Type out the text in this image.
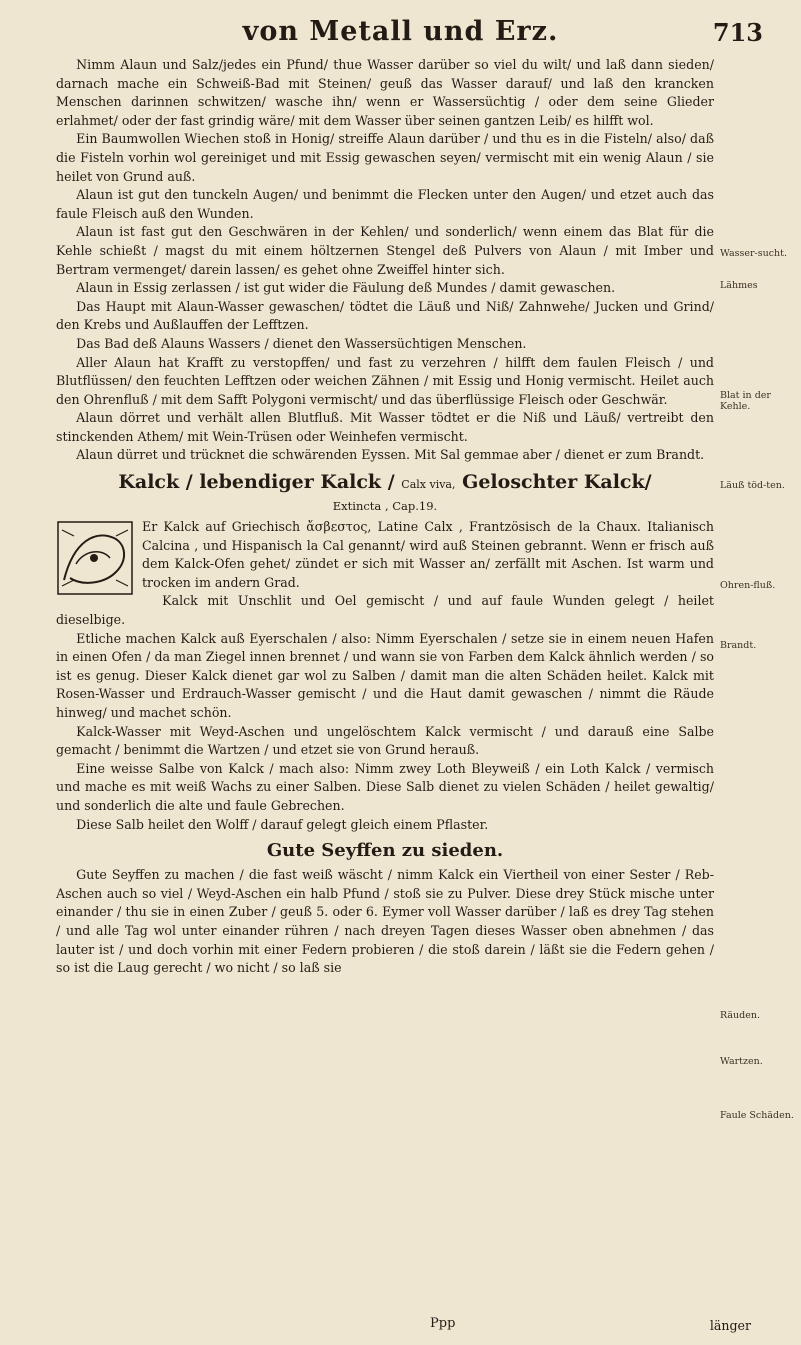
von Metall und Erz.	713

Nimm Alaun und Salz/jedes ein Pfund/ thue Wasser darüber so viel du wilt/ und laß dann sieden/ darnach mache ein Schweiß-Bad mit Steinen/ geuß das Wasser darauf/ und laß den krancken Menschen darinnen schwitzen/ wasche ihn/ wenn er Wassersüchtig / oder dem seine Glieder erlahmet/ oder der fast grindig wäre/ mit dem Wasser über seinen gantzen Leib/ es hilfft wol.

Ein Baumwollen Wiechen stoß in Honig/ streiffe Alaun darüber / und thu es in die Fisteln/ also/ daß die Fisteln vorhin wol gereiniget und mit Essig gewaschen seyen/ vermischt mit ein wenig Alaun / sie heilet von Grund auß.

Alaun ist gut den tunckeln Augen/ und benimmt die Flecken unter den Augen/ und etzet auch das faule Fleisch auß den Wunden.

Alaun ist fast gut den Geschwären in der Kehlen/ und sonderlich/ wenn einem das Blat für die Kehle schießt / magst du mit einem höltzernen Stengel deß Pulvers von Alaun / mit Imber und Bertram vermenget/ darein lassen/ es gehet ohne Zweiffel hinter sich.

Alaun in Essig zerlassen / ist gut wider die Fäulung deß Mundes / damit gewaschen.

Das Haupt mit Alaun-Wasser gewaschen/ tödtet die Läuß und Niß/ Zahnwehe/ Jucken und Grind/ den Krebs und Außlauffen der Lefftzen.

Das Bad deß Alauns Wassers / dienet den Wassersüchtigen Menschen.

Aller Alaun hat Krafft zu verstopffen/ und fast zu verzehren / hilfft dem faulen Fleisch / und Blutflüssen/ den feuchten Lefftzen oder weichen Zähnen / mit Essig und Honig vermischt. Heilet auch den Ohrenfluß / mit dem Safft Polygoni vermischt/ und das überflüssige Fleisch oder Geschwär.

Alaun dörret und verhält allen Blutfluß. Mit Wasser tödtet er die Niß und Läuß/ vertreibt den stinckenden Athem/ mit Wein-Trüsen oder Weinhefen vermischt.

Alaun dürret und trücknet die schwärenden Eyssen. Mit Sal gemmae aber / dienet er zum Brandt.

Kalck / lebendiger Kalck / Calx viva, Geloschter Kalck/
Extincta , Cap.19.

Er Kalck auf Griechisch ἄσβεστος, Latine Calx , Frantzösisch de la Chaux. Italianisch Calcina , und Hispanisch la Cal genannt/ wird auß Steinen gebrannt. Wenn er frisch auß dem Kalck-Ofen gehet/ zündet er sich mit Wasser an/ zerfällt mit Aschen. Ist warm und trocken im andern Grad.

Kalck mit Unschlit und Oel gemischt / und auf faule Wunden gelegt / heilet dieselbige.

Etliche machen Kalck auß Eyerschalen / also: Nimm Eyerschalen / setze sie in einem neuen Hafen in einen Ofen / da man Ziegel innen brennet / und wann sie von Farben dem Kalck ähnlich werden / so ist es genug. Dieser Kalck dienet gar wol zu Salben / damit man die alten Schäden heilet. Kalck mit Rosen-Wasser und Erdrauch-Wasser gemischt / und die Haut damit gewaschen / nimmt die Räude hinweg/ und machet schön.

Kalck-Wasser mit Weyd-Aschen und ungelöschtem Kalck vermischt / und darauß eine Salbe gemacht / benimmt die Wartzen / und etzet sie von Grund herauß.

Eine weisse Salbe von Kalck / mach also: Nimm zwey Loth Bleyweiß / ein Loth Kalck / vermisch und mache es mit weiß Wachs zu einer Salben. Diese Salb dienet zu vielen Schäden / heilet gewaltig/ und sonderlich die alte und faule Gebrechen.

Diese Salb heilet den Wolff / darauf gelegt gleich einem Pflaster.

Gute Seyffen zu sieden.

Gute Seyffen zu machen / die fast weiß wäscht / nimm Kalck ein Viertheil von einer Sester / Reb-Aschen auch so viel / Weyd-Aschen ein halb Pfund / stoß sie zu Pulver. Diese drey Stück mische unter einander / thu sie in einen Zuber / geuß 5. oder 6. Eymer voll Wasser darüber / laß es drey Tag stehen / und alle Tag wol unter einander rühren / nach dreyen Tagen dieses Wasser oben abnehmen / das lauter ist / und doch vorhin mit einer Federn probieren / die stoß darein / läßt sie die Federn gehen / so ist die Laug gerecht / wo nicht / so laß sie

Wasser-sucht.
Lähmes
Blat in der Kehle.
Läuß töd-ten.
Ohren-fluß.
Brandt.
Räuden.
Wartzen.
Faule Schäden.
Ppp	länger
